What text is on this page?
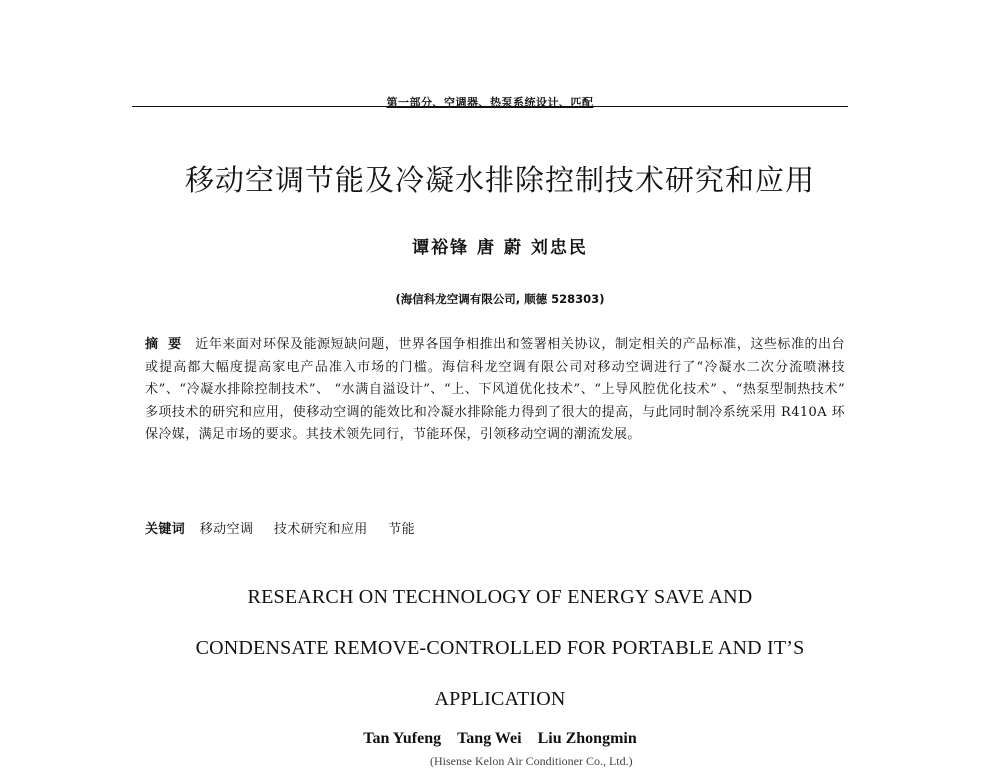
第一部分、空调器、热泵系统设计、匹配
移动空调节能及冷凝水排除控制技术研究和应用
谭裕锋 唐 蔚 刘忠民
(海信科龙空调有限公司, 顺德 528303)
摘要 近年来面对环保及能源短缺问题，世界各国争相推出和签署相关协议，制定相关的产品标准，这些标准的出台或提高都大幅度提高家电产品准入市场的门槛。海信科龙空调有限公司对移动空调进行了“冷凝水二次分流喷淋技术”、“冷凝水排除控制技术”、 “水满自溢设计”、“上、下风道优化技术”、“上导风腔优化技术” 、“热泵型制热技术” 多项技术的研究和应用，使移动空调的能效比和冷凝水排除能力得到了很大的提高，与此同时制冷系统采用 R410A 环保冷媒，满足市场的要求。其技术领先同行，节能环保，引领移动空调的潮流发展。
关键词 移动空调 技术研究和应用 节能
RESEARCH ON TECHNOLOGY OF ENERGY SAVE AND
CONDENSATE REMOVE-CONTROLLED FOR PORTABLE AND IT’S
APPLICATION
Tan Yufeng Tang Wei Liu Zhongmin
(Hisense Kelon Air Conditioner Co., Ltd.)
